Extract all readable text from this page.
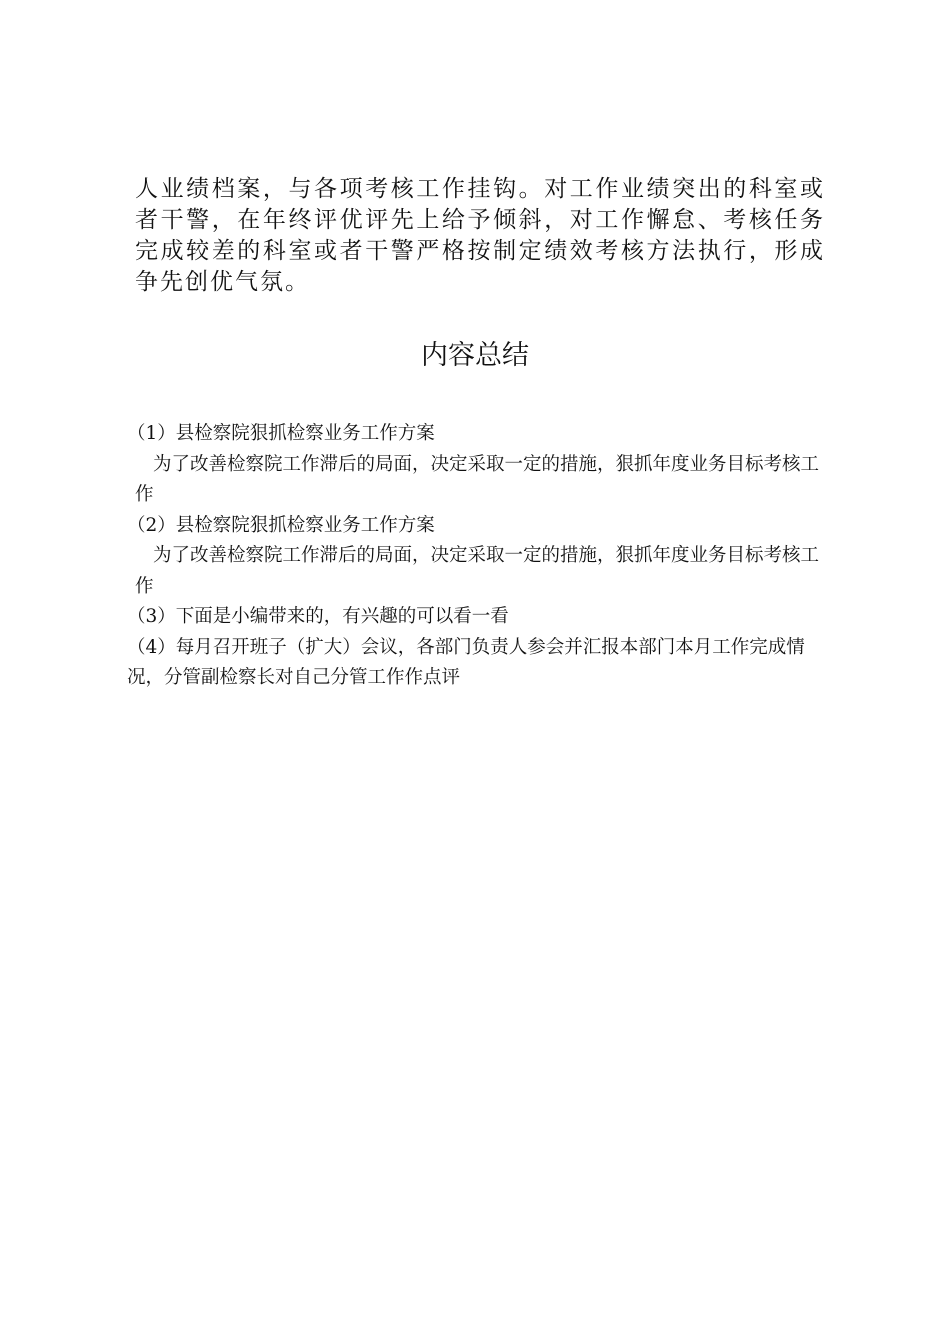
人业绩档案，与各项考核工作挂钩。对工作业绩突出的科室或者干警，在年终评优评先上给予倾斜，对工作懈怠、考核任务完成较差的科室或者干警严格按制定绩效考核方法执行，形成争先创优气氛。

内容总结

（1）县检察院狠抓检察业务工作方案

为了改善检察院工作滞后的局面，决定采取一定的措施，狠抓年度业务目标考核工作

（2）县检察院狠抓检察业务工作方案

为了改善检察院工作滞后的局面，决定采取一定的措施，狠抓年度业务目标考核工作

（3）下面是小编带来的，有兴趣的可以看一看

（4）每月召开班子（扩大）会议，各部门负责人参会并汇报本部门本月工作完成情况，分管副检察长对自己分管工作作点评
